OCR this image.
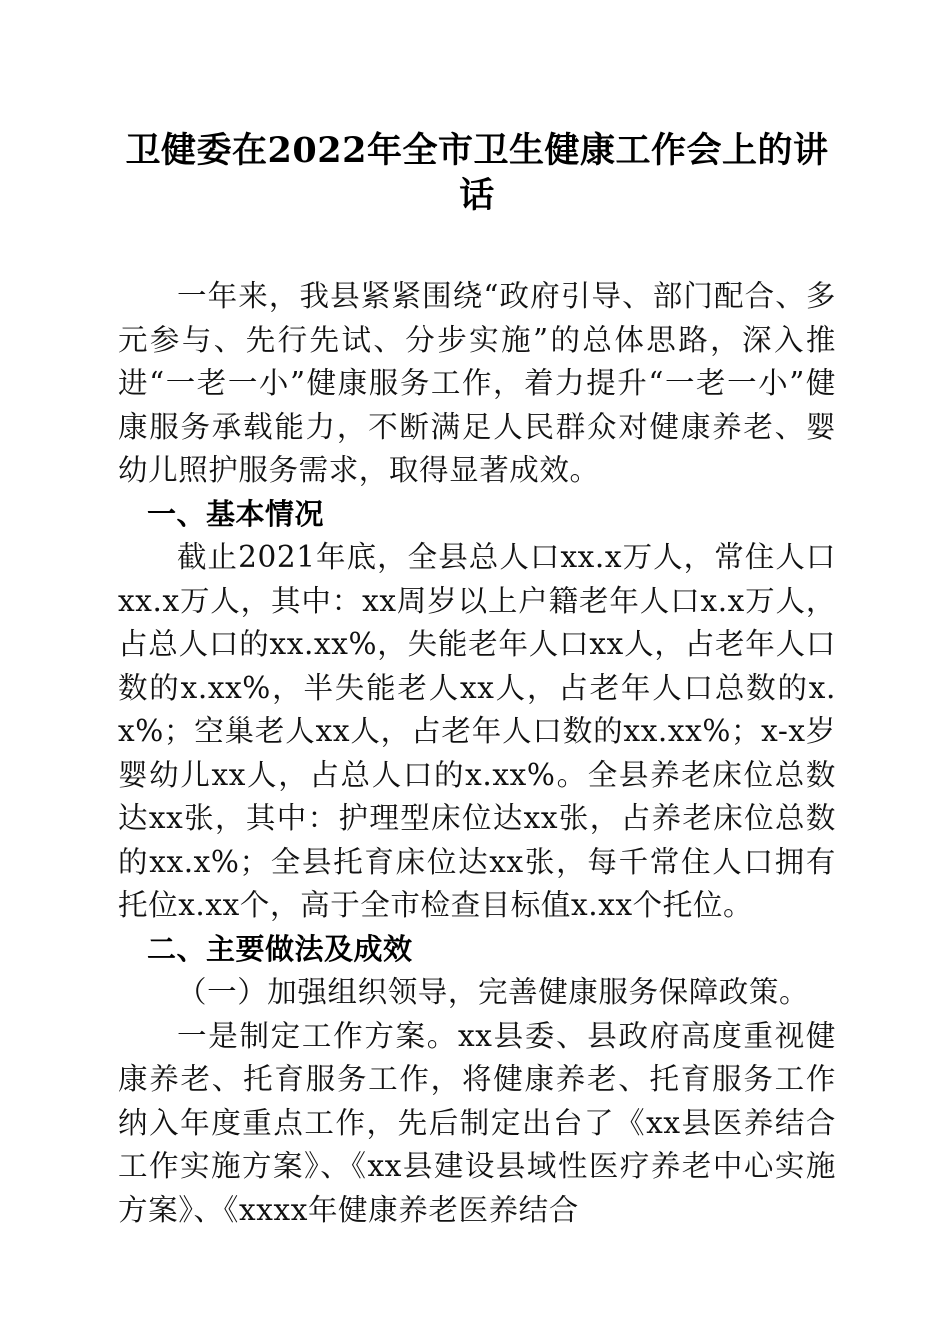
卫健委在2022年全市卫生健康工作会上的讲话

一年来，我县紧紧围绕“政府引导、部门配合、多元参与、先行先试、分步实施”的总体思路，深入推进“一老一小”健康服务工作，着力提升“一老一小”健康服务承载能力，不断满足人民群众对健康养老、婴幼儿照护服务需求，取得显著成效。

一、基本情况

截止2021年底，全县总人口xx.x万人，常住人口xx.x万人，其中：xx周岁以上户籍老年人口x.x万人，占总人口的xx.xx%，失能老年人口xx人，占老年人口数的x.xx%，半失能老人xx人，占老年人口总数的x.x%；空巢老人xx人，占老年人口数的xx.xx%；x-x岁婴幼儿xx人，占总人口的x.xx%。全县养老床位总数达xx张，其中：护理型床位达xx张，占养老床位总数的xx.x%；全县托育床位达xx张，每千常住人口拥有托位x.xx个，高于全市检查目标值x.xx个托位。

二、主要做法及成效

（一）加强组织领导，完善健康服务保障政策。

一是制定工作方案。xx县委、县政府高度重视健康养老、托育服务工作，将健康养老、托育服务工作纳入年度重点工作，先后制定出台了《xx县医养结合工作实施方案》、《xx县建设县域性医疗养老中心实施方案》、《xxxx年健康养老医养结合
